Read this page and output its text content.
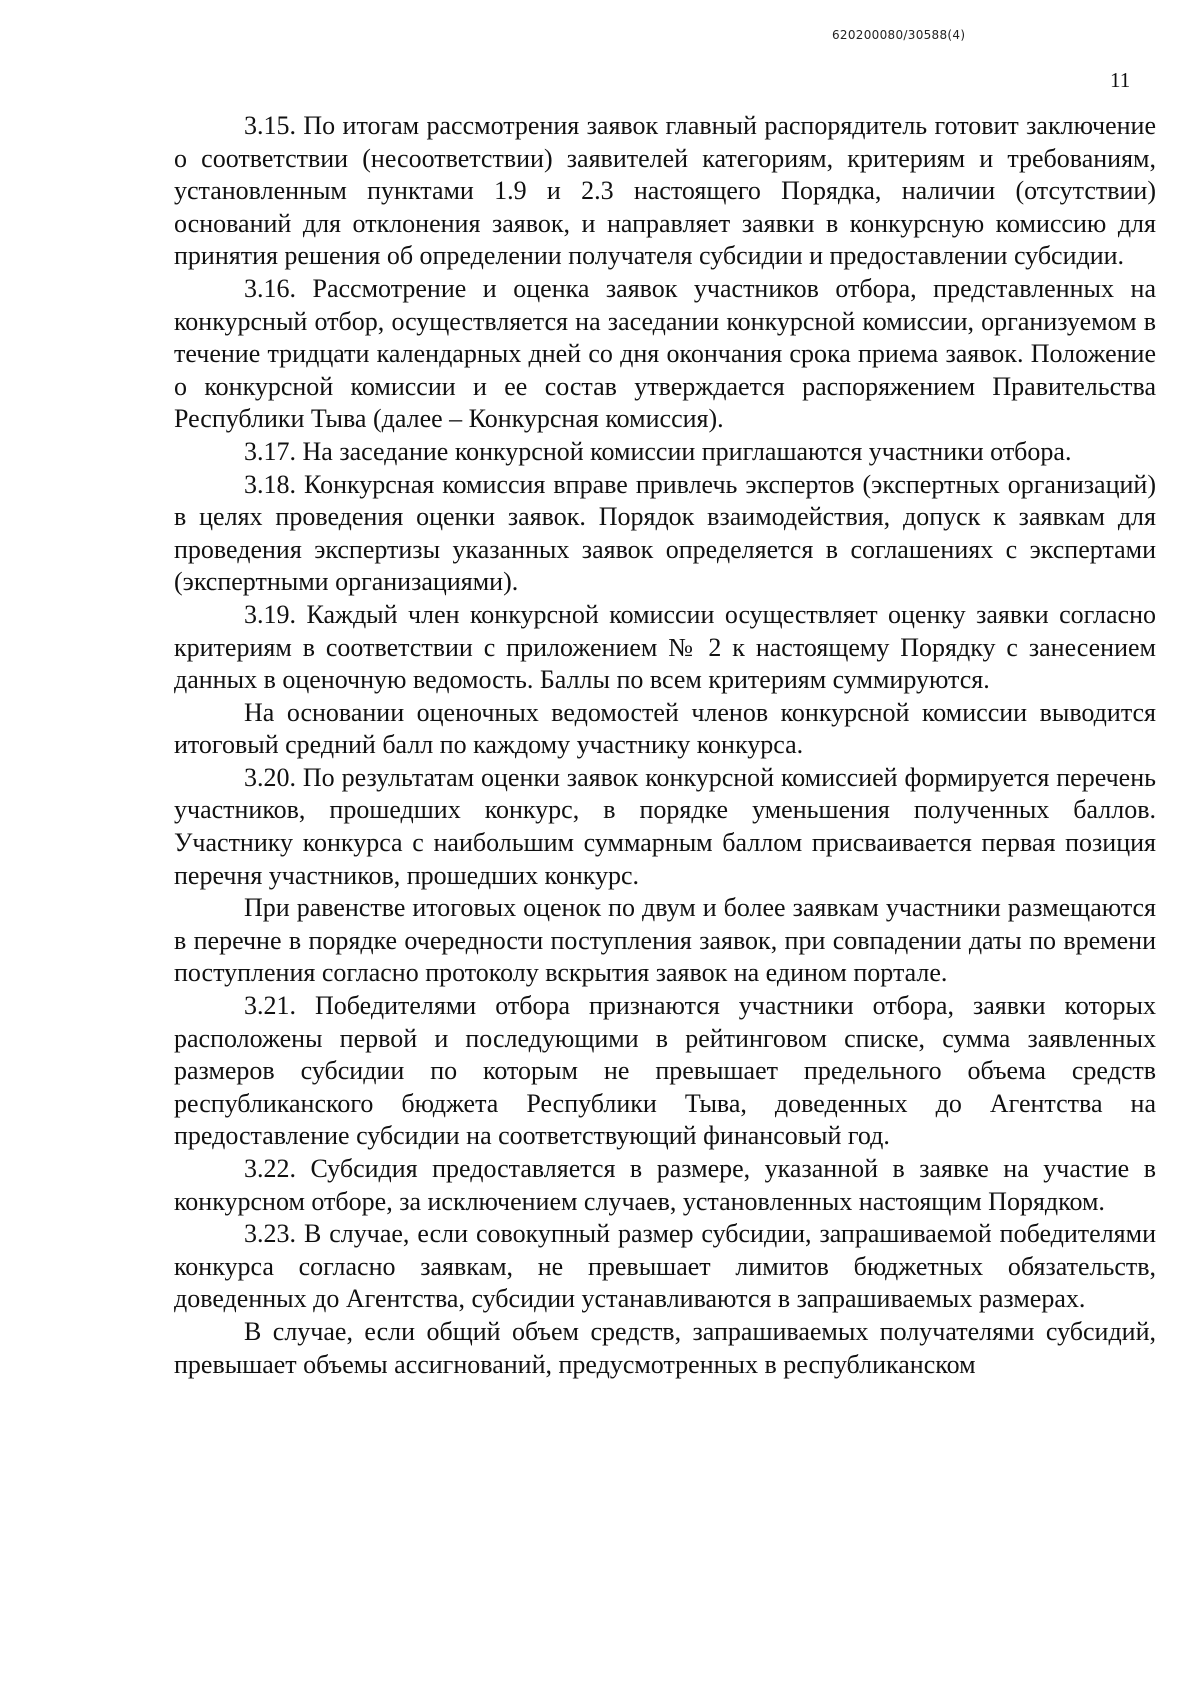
620200080/30588(4)
11

3.15. По итогам рассмотрения заявок главный распорядитель готовит заключение о соответствии (несоответствии) заявителей категориям, критериям и требованиям, установленным пунктами 1.9 и 2.3 настоящего Порядка, наличии (отсутствии) оснований для отклонения заявок, и направляет заявки в конкурсную комиссию для принятия решения об определении получателя субсидии и предоставлении субсидии.

3.16. Рассмотрение и оценка заявок участников отбора, представленных на конкурсный отбор, осуществляется на заседании конкурсной комиссии, организуемом в течение тридцати календарных дней со дня окончания срока приема заявок. Положение о конкурсной комиссии и ее состав утверждается распоряжением Правительства Республики Тыва (далее – Конкурсная комиссия).

3.17. На заседание конкурсной комиссии приглашаются участники отбора.

3.18. Конкурсная комиссия вправе привлечь экспертов (экспертных организаций) в целях проведения оценки заявок. Порядок взаимодействия, допуск к заявкам для проведения экспертизы указанных заявок определяется в соглашениях с экспертами (экспертными организациями).

3.19. Каждый член конкурсной комиссии осуществляет оценку заявки согласно критериям в соответствии с приложением № 2 к настоящему Порядку с занесением данных в оценочную ведомость. Баллы по всем критериям суммируются.

На основании оценочных ведомостей членов конкурсной комиссии выводится итоговый средний балл по каждому участнику конкурса.

3.20. По результатам оценки заявок конкурсной комиссией формируется перечень участников, прошедших конкурс, в порядке уменьшения полученных баллов. Участнику конкурса с наибольшим суммарным баллом присваивается первая позиция перечня участников, прошедших конкурс.

При равенстве итоговых оценок по двум и более заявкам участники размещаются в перечне в порядке очередности поступления заявок, при совпадении даты по времени поступления согласно протоколу вскрытия заявок на едином портале.

3.21. Победителями отбора признаются участники отбора, заявки которых расположены первой и последующими в рейтинговом списке, сумма заявленных размеров субсидии по которым не превышает предельного объема средств республиканского бюджета Республики Тыва, доведенных до Агентства на предоставление субсидии на соответствующий финансовый год.

3.22. Субсидия предоставляется в размере, указанной в заявке на участие в конкурсном отборе, за исключением случаев, установленных настоящим Порядком.

3.23. В случае, если совокупный размер субсидии, запрашиваемой победителями конкурса согласно заявкам, не превышает лимитов бюджетных обязательств, доведенных до Агентства, субсидии устанавливаются в запрашиваемых размерах.

В случае, если общий объем средств, запрашиваемых получателями субсидий, превышает объемы ассигнований, предусмотренных в республиканском
